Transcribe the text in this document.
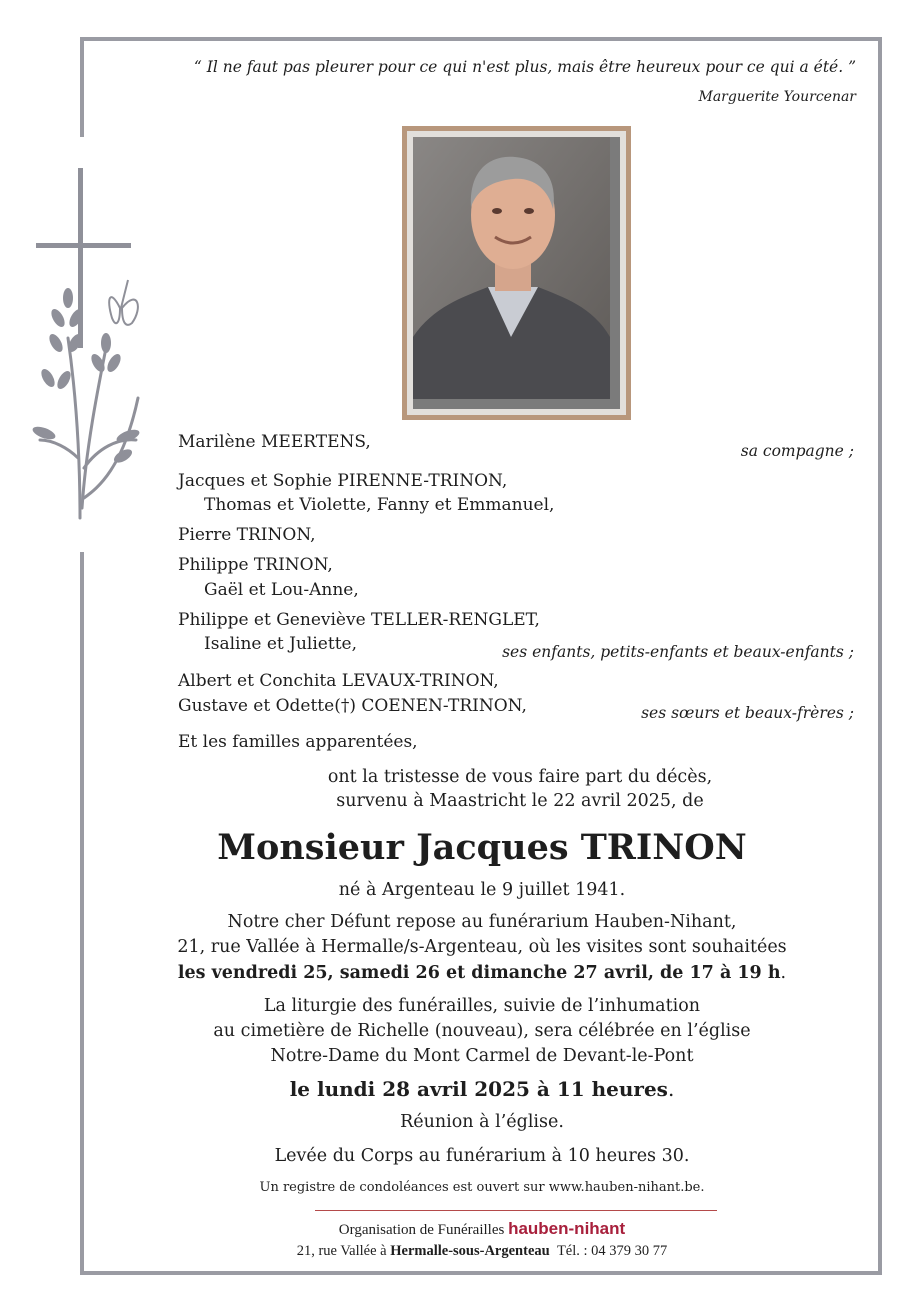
“ Il ne faut pas pleurer pour ce qui n'est plus, mais être heureux pour ce qui a été. ”
Marguerite Yourcenar
Marilène MEERTENS,	sa compagne ;
Jacques et Sophie PIRENNE-TRINON,
Thomas et Violette, Fanny et Emmanuel,
Pierre TRINON,
Philippe TRINON,
Gaël et Lou-Anne,
Philippe et Geneviève TELLER-RENGLET,
Isaline et Juliette,	ses enfants, petits-enfants et beaux-enfants ;
Albert et Conchita LEVAUX-TRINON,
Gustave et Odette(†) COENEN-TRINON,	ses sœurs et beaux-frères ;
Et les familles apparentées,
ont la tristesse de vous faire part du décès,
survenu à Maastricht le 22 avril 2025, de
Monsieur Jacques TRINON
né à Argenteau le 9 juillet 1941.
Notre cher Défunt repose au funérarium Hauben-Nihant,
21, rue Vallée à Hermalle/s-Argenteau, où les visites sont souhaitées
les vendredi 25, samedi 26 et dimanche 27 avril, de 17 à 19 h.
La liturgie des funérailles, suivie de l’inhumation
au cimetière de Richelle (nouveau), sera célébrée en l’église
Notre-Dame du Mont Carmel de Devant-le-Pont
le lundi 28 avril 2025 à 11 heures.
Réunion à l’église.
Levée du Corps au funérarium à 10 heures 30.
Un registre de condoléances est ouvert sur www.hauben-nihant.be.
Organisation de Funérailles hauben-nihant
21, rue Vallée à Hermalle-sous-Argenteau Tél. : 04 379 30 77
